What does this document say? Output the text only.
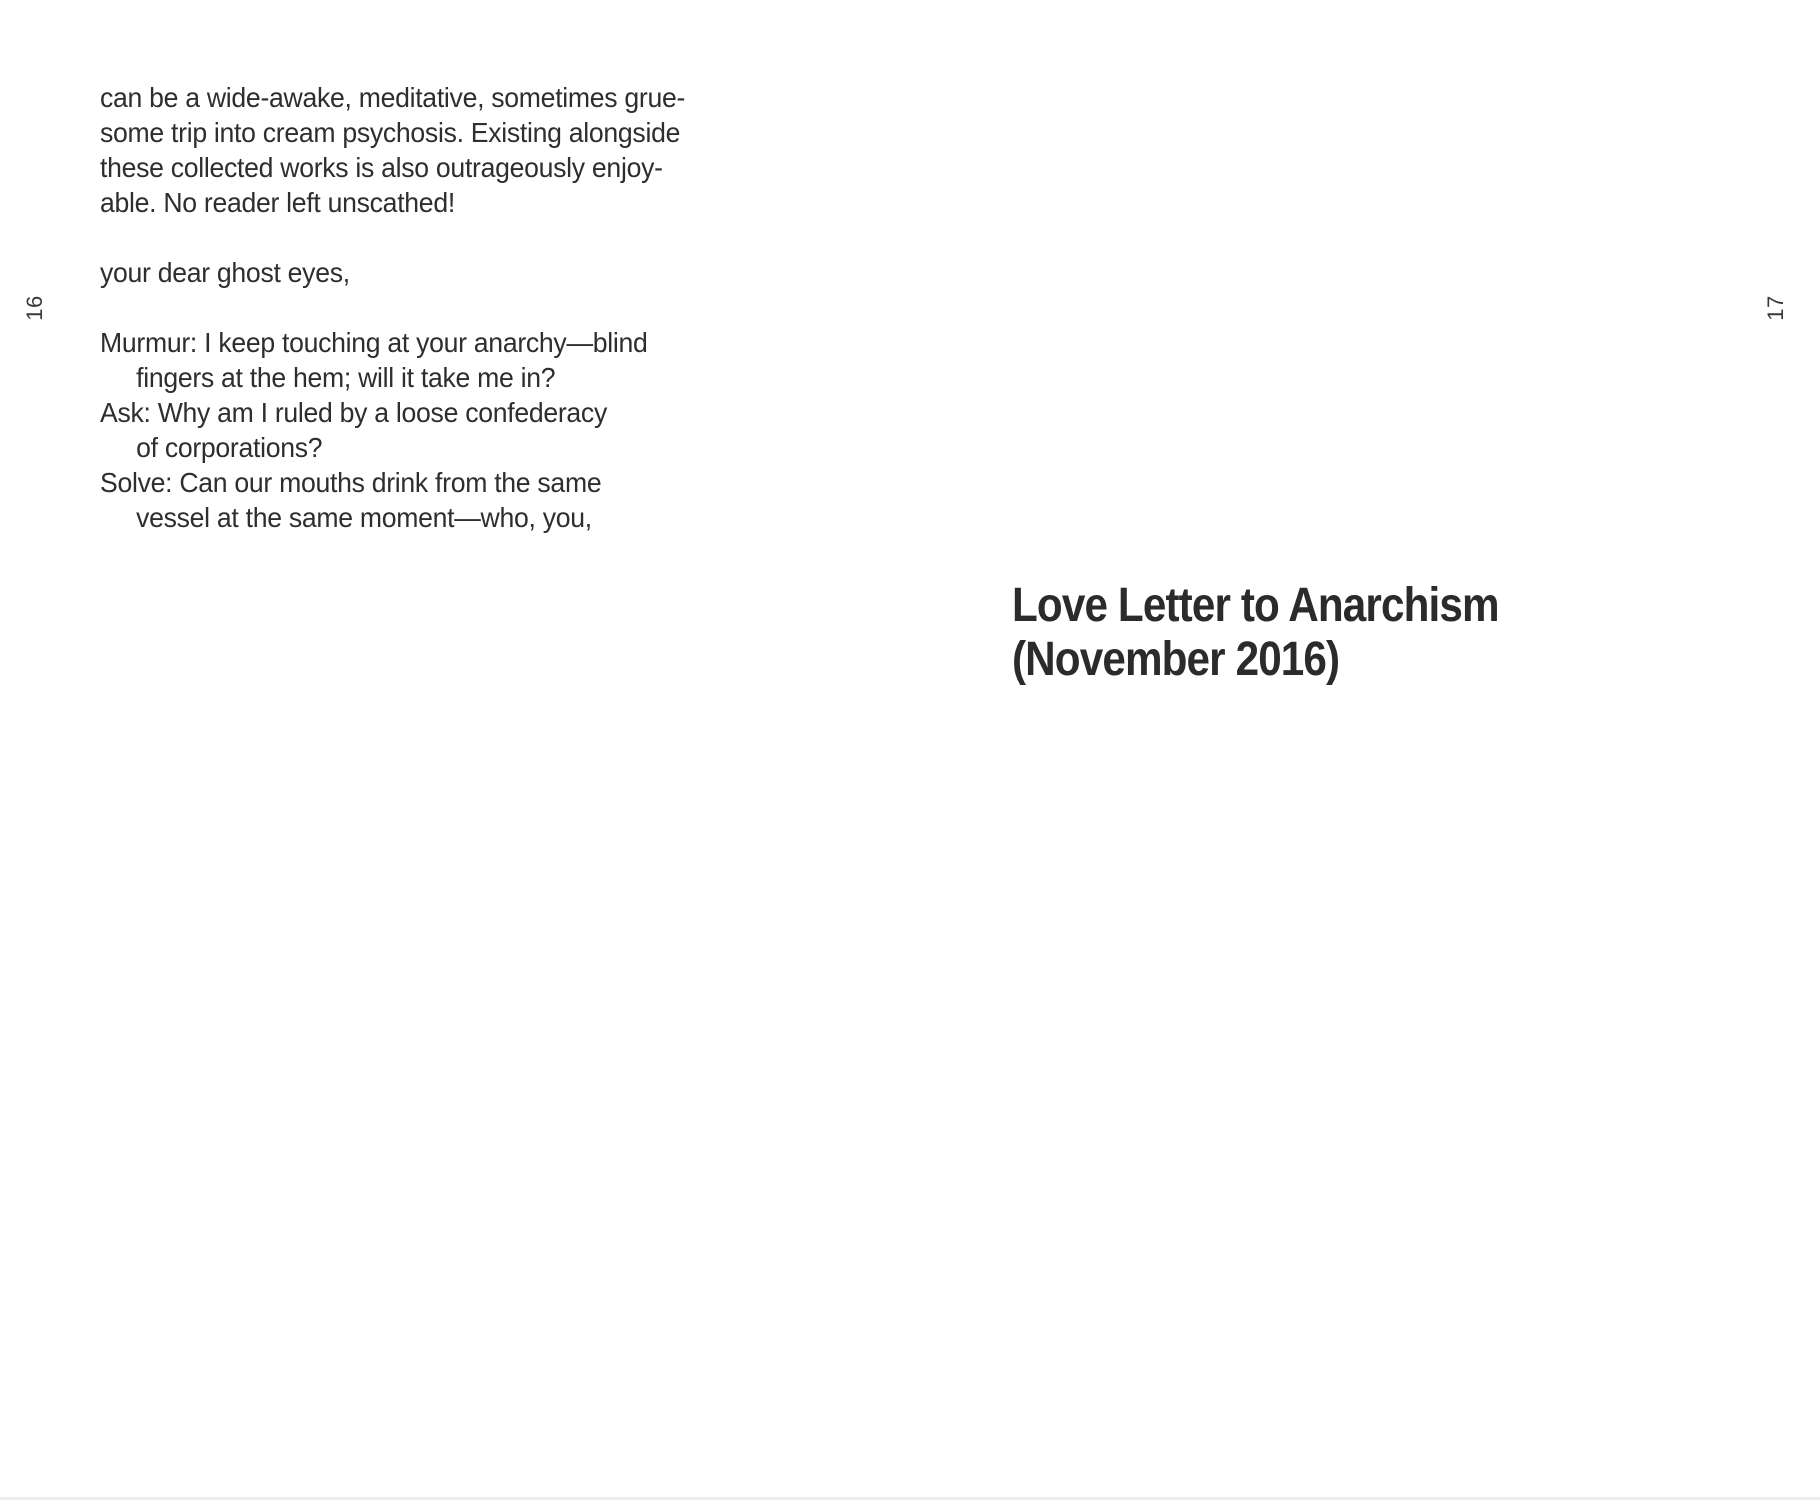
16
can be a wide-awake, meditative, sometimes grue-
some trip into cream psychosis. Existing alongside
these collected works is also outrageously enjoy-
able. No reader left unscathed!
your dear ghost eyes,
Murmur: I keep touching at your anarchy—blind
fingers at the hem; will it take me in?
Ask: Why am I ruled by a loose confederacy
of corporations?
Solve: Can our mouths drink from the same
vessel at the same moment—who, you,
Love Letter to Anarchism
(November 2016)
17
